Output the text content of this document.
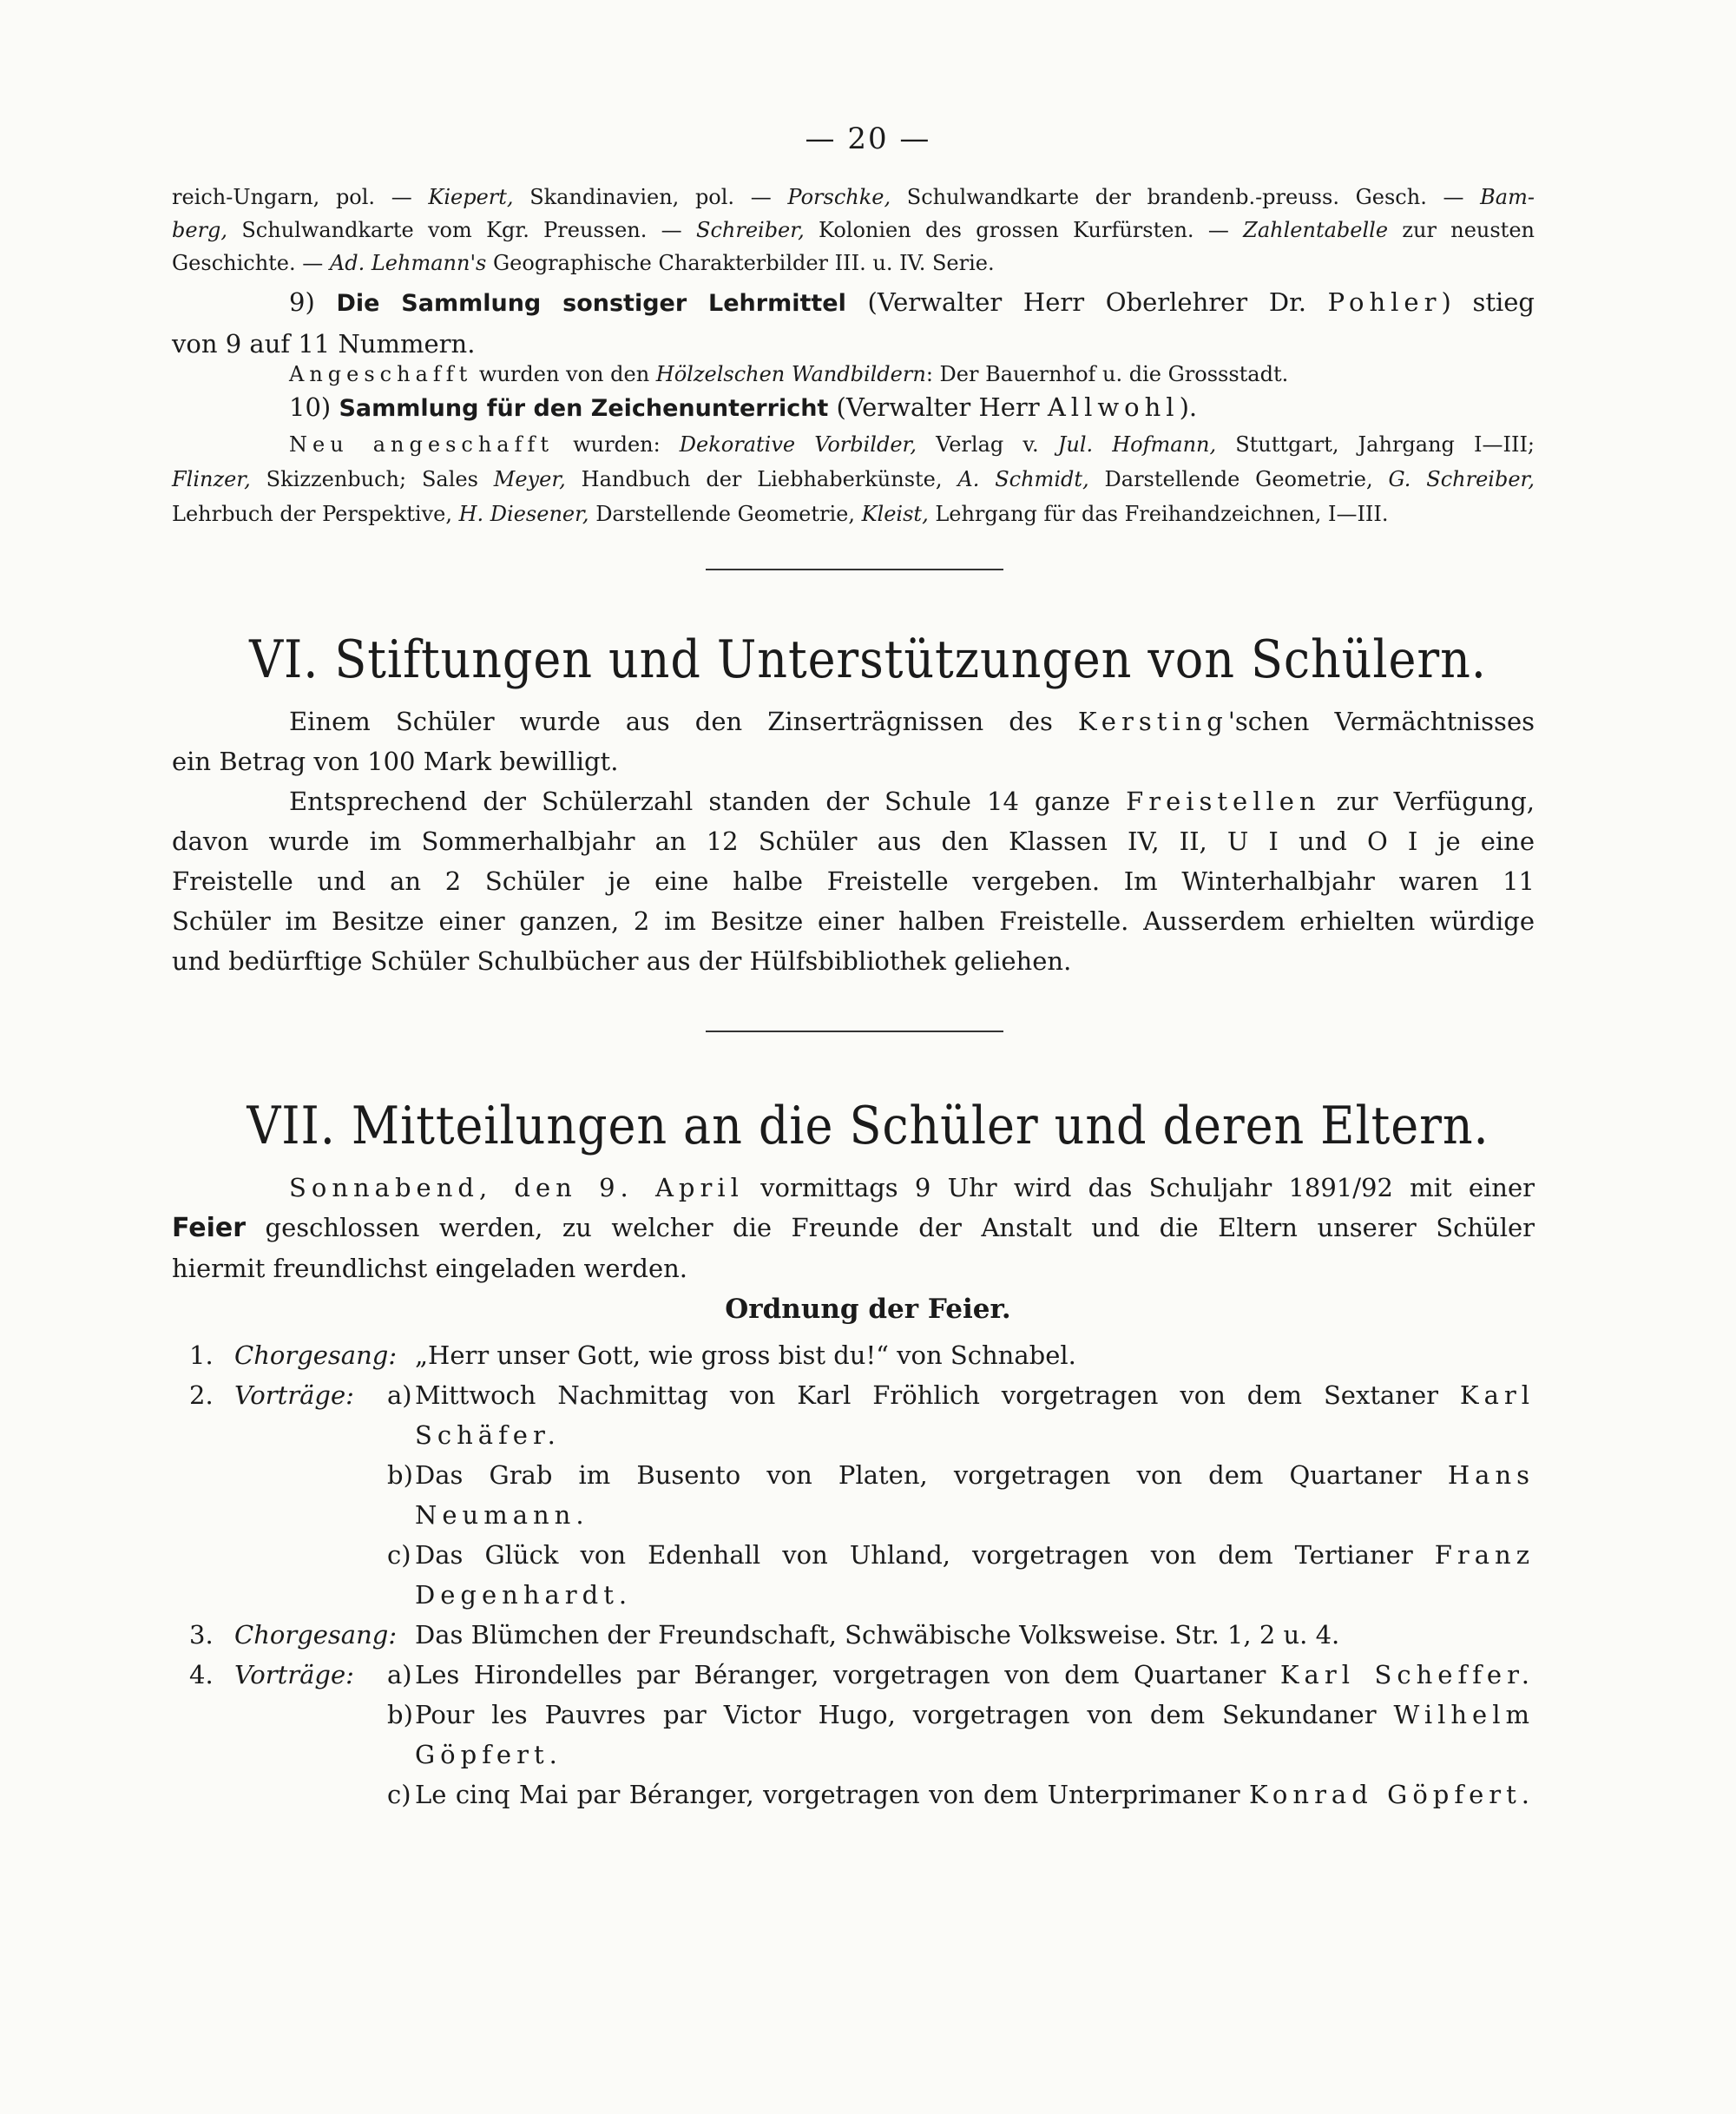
— 20 —
reich-Ungarn, pol. — Kiepert, Skandinavien, pol. — Porschke, Schulwandkarte der brandenb.-preuss. Gesch. — Bam-
berg, Schulwandkarte vom Kgr. Preussen. — Schreiber, Kolonien des grossen Kurfürsten. — Zahlentabelle zur neusten
Geschichte. — Ad. Lehmann's Geographische Charakterbilder III. u. IV. Serie.
9) Die Sammlung sonstiger Lehrmittel (Verwalter Herr Oberlehrer Dr. Pohler) stieg
von 9 auf 11 Nummern.
Angeschafft wurden von den Hölzelschen Wandbildern: Der Bauernhof u. die Grossstadt.
10) Sammlung für den Zeichenunterricht (Verwalter Herr Allwohl).
Neu angeschafft wurden: Dekorative Vorbilder, Verlag v. Jul. Hofmann, Stuttgart, Jahrgang I—III;
Flinzer, Skizzenbuch; Sales Meyer, Handbuch der Liebhaberkünste, A. Schmidt, Darstellende Geometrie, G. Schreiber,
Lehrbuch der Perspektive, H. Diesener, Darstellende Geometrie, Kleist, Lehrgang für das Freihandzeichnen, I—III.
VI. Stiftungen und Unterstützungen von Schülern.
Einem Schüler wurde aus den Zinserträgnissen des Kersting'schen Vermächtnisses
ein Betrag von 100 Mark bewilligt.
Entsprechend der Schülerzahl standen der Schule 14 ganze Freistellen zur Verfügung,
davon wurde im Sommerhalbjahr an 12 Schüler aus den Klassen IV, II, U I und O I je eine
Freistelle und an 2 Schüler je eine halbe Freistelle vergeben. Im Winterhalbjahr waren 11
Schüler im Besitze einer ganzen, 2 im Besitze einer halben Freistelle. Ausserdem erhielten würdige
und bedürftige Schüler Schulbücher aus der Hülfsbibliothek geliehen.
VII. Mitteilungen an die Schüler und deren Eltern.
Sonnabend, den 9. April vormittags 9 Uhr wird das Schuljahr 1891/92 mit einer
Feier geschlossen werden, zu welcher die Freunde der Anstalt und die Eltern unserer Schüler
hiermit freundlichst eingeladen werden.
Ordnung der Feier.
1. Chorgesang: „Herr unser Gott, wie gross bist du!“ von Schnabel.
2. Vorträge: a) Mittwoch Nachmittag von Karl Fröhlich vorgetragen von dem Sextaner Karl
Schäfer.
b) Das Grab im Busento von Platen, vorgetragen von dem Quartaner Hans
Neumann.
c) Das Glück von Edenhall von Uhland, vorgetragen von dem Tertianer Franz
Degenhardt.
3. Chorgesang: Das Blümchen der Freundschaft, Schwäbische Volksweise. Str. 1, 2 u. 4.
4. Vorträge: a) Les Hirondelles par Béranger, vorgetragen von dem Quartaner Karl Scheffer.
b) Pour les Pauvres par Victor Hugo, vorgetragen von dem Sekundaner Wilhelm
Göpfert.
c) Le cinq Mai par Béranger, vorgetragen von dem Unterprimaner Konrad Göpfert.
